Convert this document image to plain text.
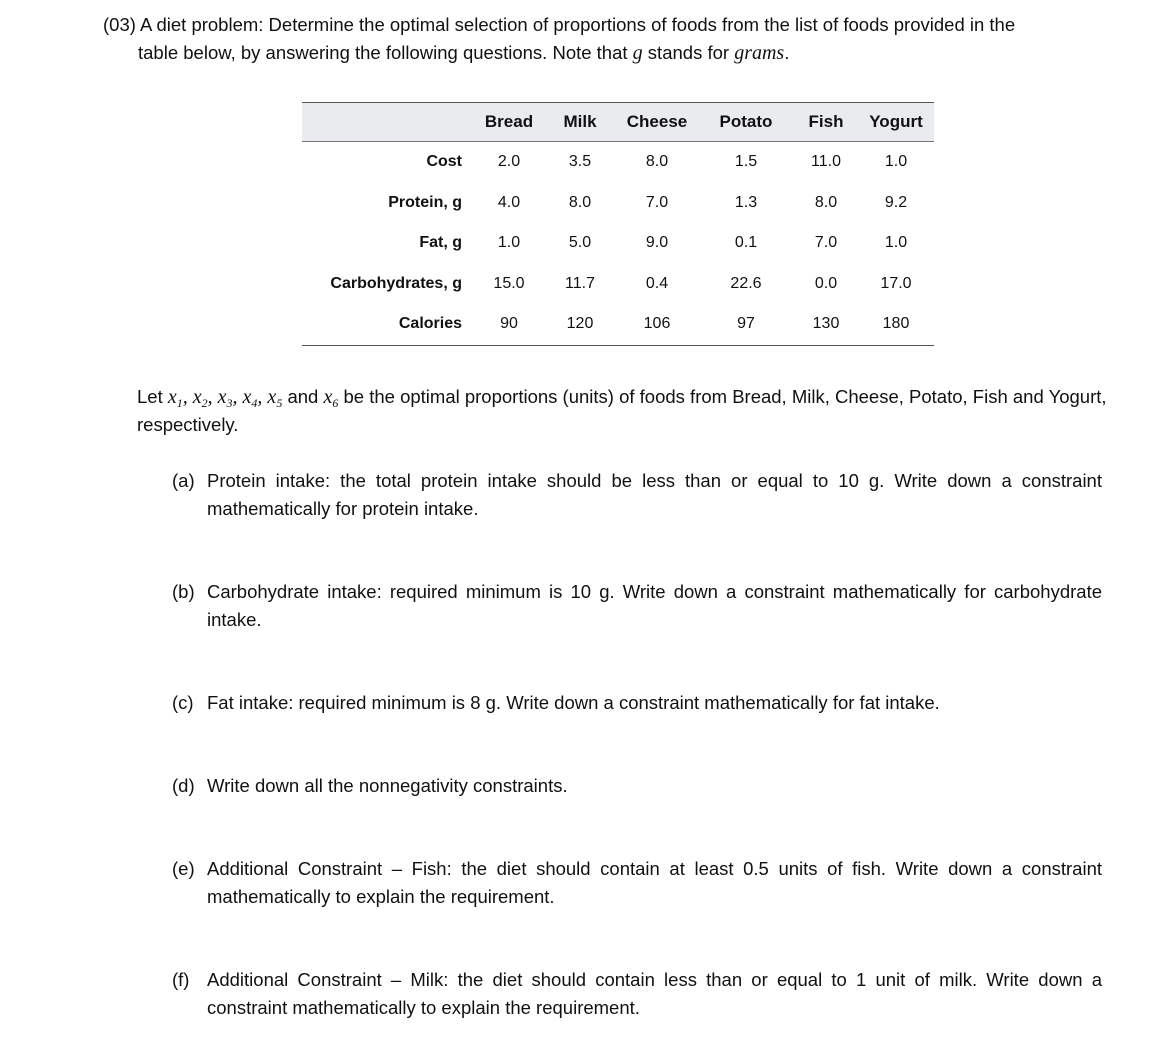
(03) A diet problem: Determine the optimal selection of proportions of foods from the list of foods provided in the
table below, by answering the following questions. Note that g stands for grams.
	Bread	Milk	Cheese	Potato	Fish	Yogurt
Cost	2.0	3.5	8.0	1.5	11.0	1.0
Protein, g	4.0	8.0	7.0	1.3	8.0	9.2
Fat, g	1.0	5.0	9.0	0.1	7.0	1.0
Carbohydrates, g	15.0	11.7	0.4	22.6	0.0	17.0
Calories	90	120	106	97	130	180
Let $x_1$, $x_2$, $x_3$, $x_4$, $x_5$ and $x_6$ be the optimal proportions (units) of foods from Bread, Milk, Cheese, Potato, Fish and Yogurt, respectively.
(a) Protein intake: the total protein intake should be less than or equal to 10 g. Write down a constraint mathematically for protein intake.
(b) Carbohydrate intake: required minimum is 10 g. Write down a constraint mathematically for carbohydrate intake.
(c) Fat intake: required minimum is 8 g. Write down a constraint mathematically for fat intake.
(d) Write down all the nonnegativity constraints.
(e) Additional Constraint – Fish: the diet should contain at least 0.5 units of fish. Write down a constraint mathematically to explain the requirement.
(f) Additional Constraint – Milk: the diet should contain less than or equal to 1 unit of milk. Write down a constraint mathematically to explain the requirement.
